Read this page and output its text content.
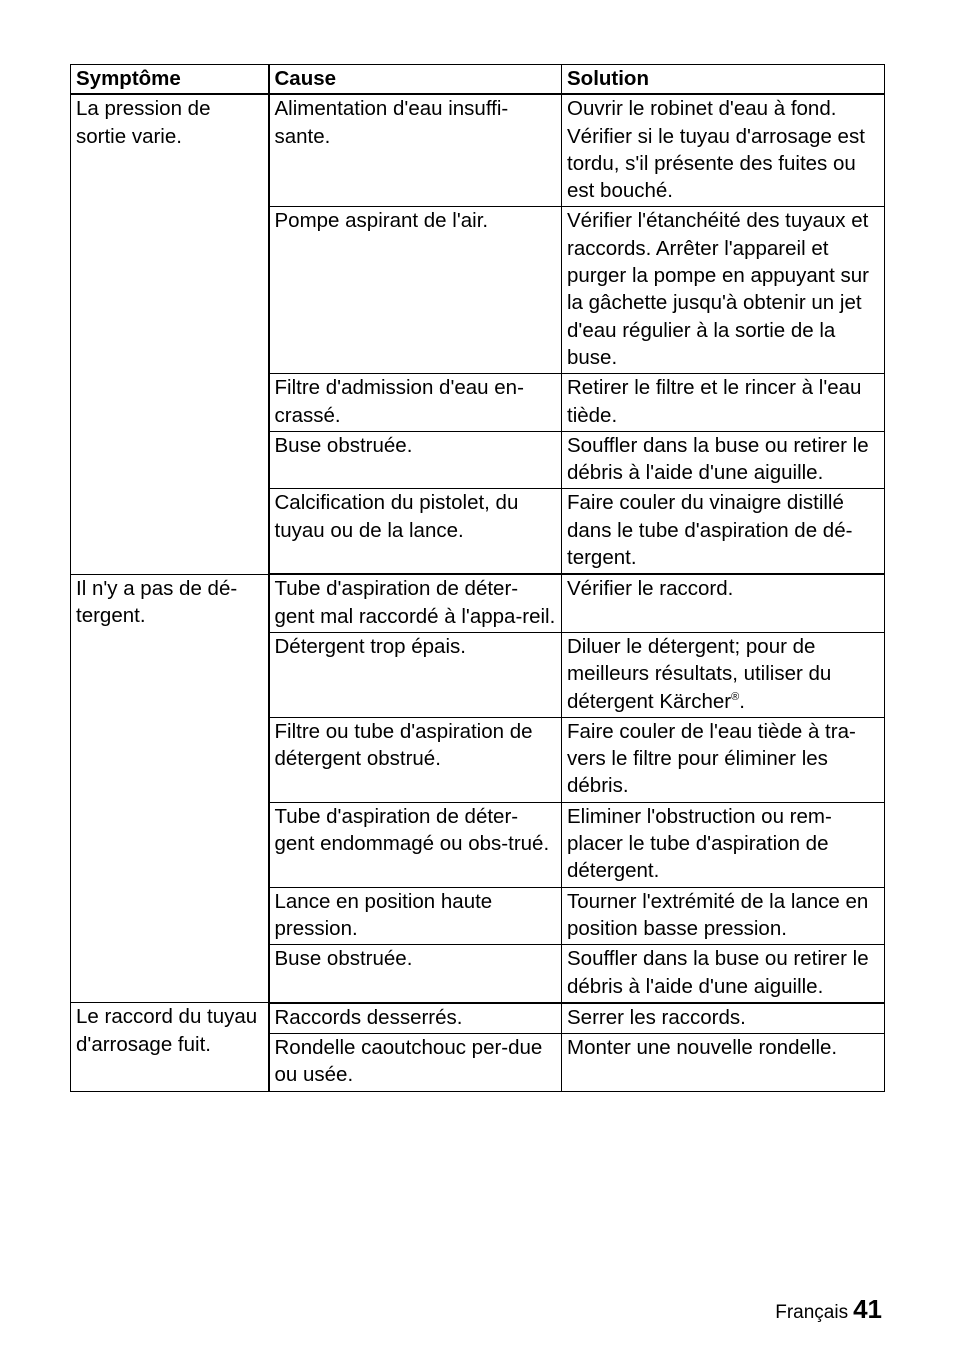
Symptôme	Cause	Solution
La pression de sortie varie.	Alimentation d'eau insuffi-sante.	Ouvrir le robinet d'eau à fond. Vérifier si le tuyau d'arrosage est tordu, s'il présente des fuites ou est bouché.
	Pompe aspirant de l'air.	Vérifier l'étanchéité des tuyaux et raccords. Arrêter l'appareil et purger la pompe en appuyant sur la gâchette jusqu'à obtenir un jet d'eau régulier à la sortie de la buse.
	Filtre d'admission d'eau en-crassé.	Retirer le filtre et le rincer à l'eau tiède.
	Buse obstruée.	Souffler dans la buse ou retirer le débris à l'aide d'une aiguille.
	Calcification du pistolet, du tuyau ou de la lance.	Faire couler du vinaigre distillé dans le tube d'aspiration de dé-tergent.
Il n'y a pas de dé-tergent.	Tube d'aspiration de déter-gent mal raccordé à l'appa-reil.	Vérifier le raccord.
	Détergent trop épais.	Diluer le détergent; pour de meilleurs résultats, utiliser du détergent Kärcher®.
	Filtre ou tube d'aspiration de détergent obstrué.	Faire couler de l'eau tiède à tra-vers le filtre pour éliminer les débris.
	Tube d'aspiration de déter-gent endommagé ou obs-trué.	Eliminer l'obstruction ou rem-placer le tube d'aspiration de détergent.
	Lance en position haute pression.	Tourner l'extrémité de la lance en position basse pression.
	Buse obstruée.	Souffler dans la buse ou retirer le débris à l'aide d'une aiguille.
Le raccord du tuyau d'arrosage fuit.	Raccords desserrés.	Serrer les raccords.
	Rondelle caoutchouc per-due ou usée.	Monter une nouvelle rondelle.
Français 41
